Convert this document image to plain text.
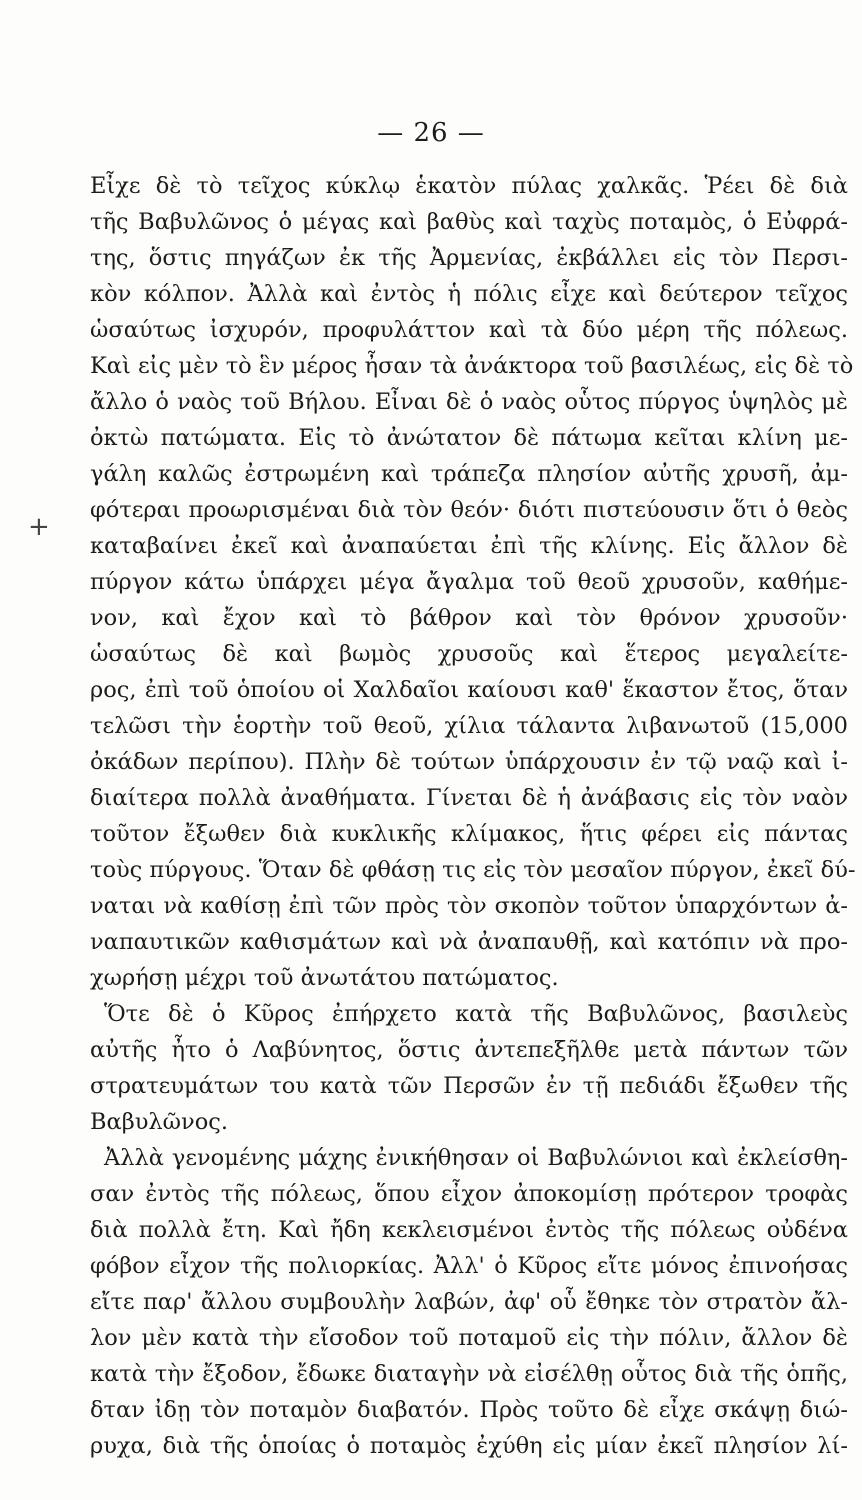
— 26 —
+
Εἶχε δὲ τὸ τεῖχος κύκλῳ ἑκατὸν πύλας χαλκᾶς. Ῥέει δὲ διὰ
τῆς Βαβυλῶνος ὁ μέγας καὶ βαθὺς καὶ ταχὺς ποταμὸς, ὁ Εὐφρά-
της, ὅστις πηγάζων ἐκ τῆς Ἀρμενίας, ἐκβάλλει εἰς τὸν Περσι-
κὸν κόλπον. Ἀλλὰ καὶ ἐντὸς ἡ πόλις εἶχε καὶ δεύτερον τεῖχος
ὡσαύτως ἰσχυρόν, προφυλάττον καὶ τὰ δύο μέρη τῆς πόλεως.
Καὶ εἰς μὲν τὸ ἓν μέρος ἦσαν τὰ ἀνάκτορα τοῦ βασιλέως, εἰς δὲ τὸ
ἄλλο ὁ ναὸς τοῦ Βήλου. Εἶναι δὲ ὁ ναὸς οὗτος πύργος ὑψηλὸς μὲ
ὀκτὼ πατώματα. Εἰς τὸ ἀνώτατον δὲ πάτωμα κεῖται κλίνη με-
γάλη καλῶς ἐστρωμένη καὶ τράπεζα πλησίον αὐτῆς χρυσῆ, ἀμ-
φότεραι προωρισμέναι διὰ τὸν θεόν· διότι πιστεύουσιν ὅτι ὁ θεὸς
καταβαίνει ἐκεῖ καὶ ἀναπαύεται ἐπὶ τῆς κλίνης. Εἰς ἄλλον δὲ
πύργον κάτω ὑπάρχει μέγα ἄγαλμα τοῦ θεοῦ χρυσοῦν, καθήμε-
νον, καὶ ἔχον καὶ τὸ βάθρον καὶ τὸν θρόνον χρυσοῦν·
ὡσαύτως δὲ καὶ βωμὸς χρυσοῦς καὶ ἕτερος μεγαλείτε-
ρος, ἐπὶ τοῦ ὁποίου οἱ Χαλδαῖοι καίουσι καθ' ἕκαστον ἔτος, ὅταν
τελῶσι τὴν ἑορτὴν τοῦ θεοῦ, χίλια τάλαντα λιβανωτοῦ (15,000
ὀκάδων περίπου). Πλὴν δὲ τούτων ὑπάρχουσιν ἐν τῷ ναῷ καὶ ἰ-
διαίτερα πολλὰ ἀναθήματα. Γίνεται δὲ ἡ ἀνάβασις εἰς τὸν ναὸν
τοῦτον ἔξωθεν διὰ κυκλικῆς κλίμακος, ἥτις φέρει εἰς πάντας
τοὺς πύργους. Ὅταν δὲ φθάσῃ τις εἰς τὸν μεσαῖον πύργον, ἐκεῖ δύ-
ναται νὰ καθίσῃ ἐπὶ τῶν πρὸς τὸν σκοπὸν τοῦτον ὑπαρχόντων ἀ-
ναπαυτικῶν καθισμάτων καὶ νὰ ἀναπαυθῇ, καὶ κατόπιν νὰ προ-
χωρήσῃ μέχρι τοῦ ἀνωτάτου πατώματος.
Ὅτε δὲ ὁ Κῦρος ἐπήρχετο κατὰ τῆς Βαβυλῶνος, βασιλεὺς
αὐτῆς ἦτο ὁ Λαβύνητος, ὅστις ἀντεπεξῆλθε μετὰ πάντων τῶν
στρατευμάτων του κατὰ τῶν Περσῶν ἐν τῇ πεδιάδι ἔξωθεν τῆς
Βαβυλῶνος.
Ἀλλὰ γενομένης μάχης ἐνικήθησαν οἱ Βαβυλώνιοι καὶ ἐκλείσθη-
σαν ἐντὸς τῆς πόλεως, ὅπου εἶχον ἀποκομίσῃ πρότερον τροφὰς
διὰ πολλὰ ἔτη. Καὶ ἤδη κεκλεισμένοι ἐντὸς τῆς πόλεως οὐδένα
φόβον εἶχον τῆς πολιορκίας. Ἀλλ' ὁ Κῦρος εἴτε μόνος ἐπινοήσας
εἴτε παρ' ἄλλου συμβουλὴν λαβών, ἀφ' οὗ ἔθηκε τὸν στρατὸν ἄλ-
λον μὲν κατὰ τὴν εἴσοδον τοῦ ποταμοῦ εἰς τὴν πόλιν, ἄλλον δὲ
κατὰ τὴν ἔξοδον, ἔδωκε διαταγὴν νὰ εἰσέλθῃ οὗτος διὰ τῆς ὁπῆς,
δταν ἰδῃ τὸν ποταμὸν διαβατόν. Πρὸς τοῦτο δὲ εἶχε σκάψῃ διώ-
ρυχα, διὰ τῆς ὁποίας ὁ ποταμὸς ἐχύθη εἰς μίαν ἐκεῖ πλησίον λί-
